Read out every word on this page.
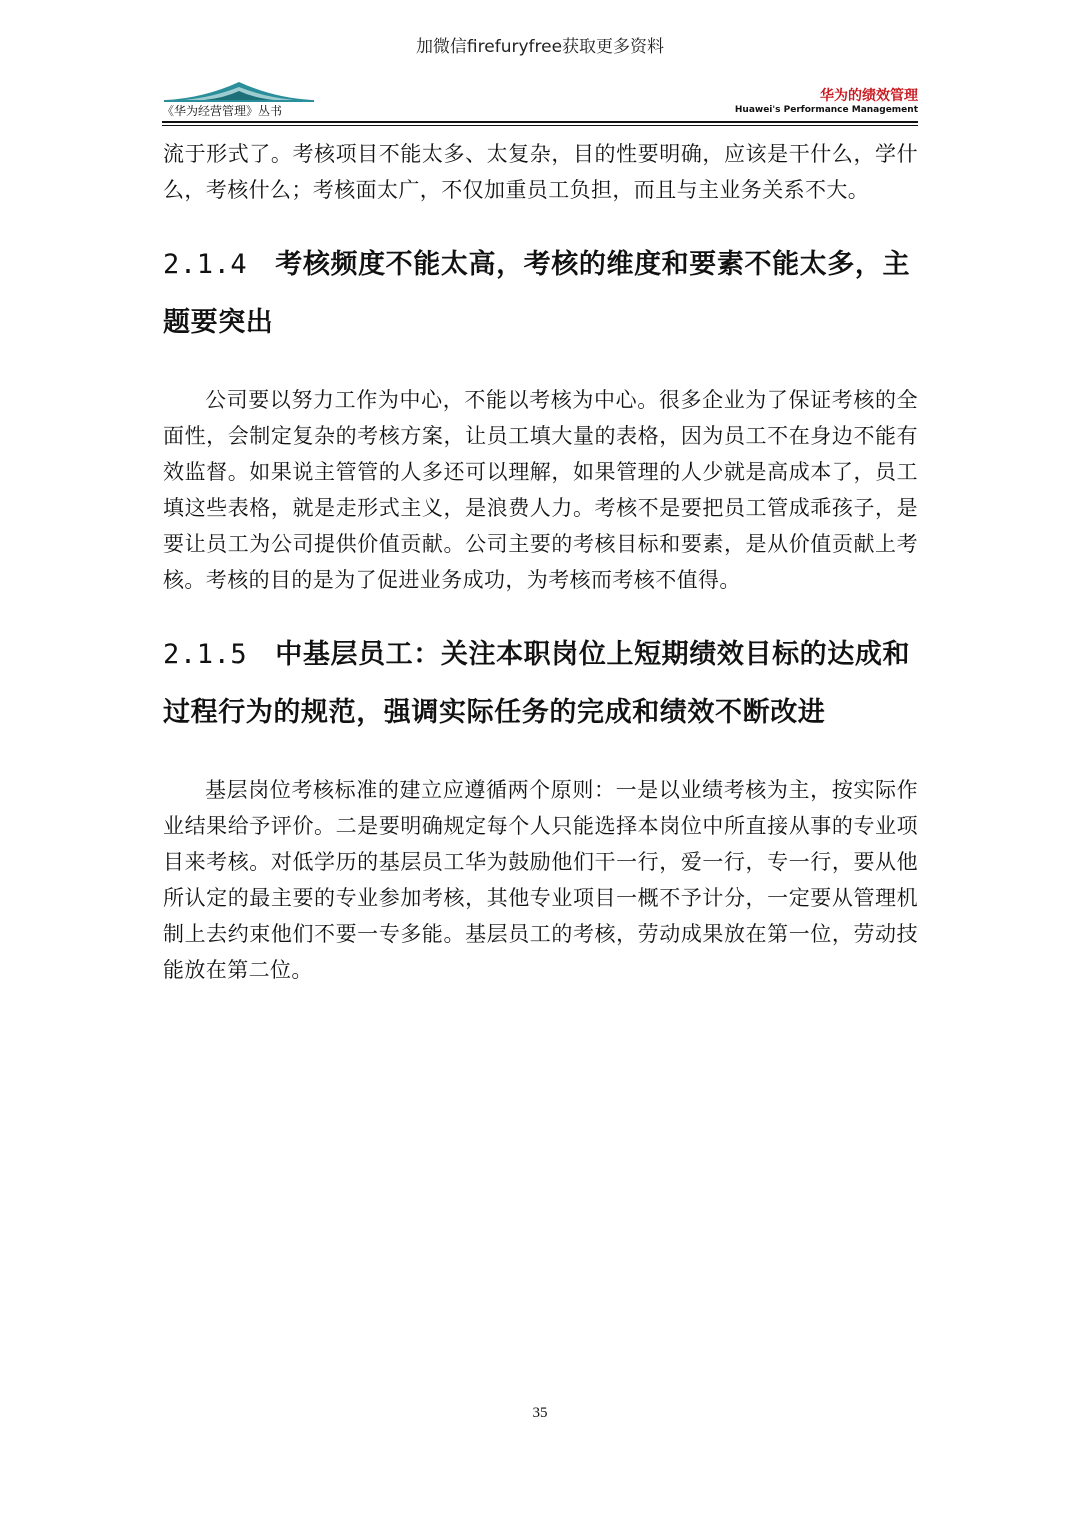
加微信firefuryfree获取更多资料
《华为经营管理》丛书
华为的绩效管理
Huawei's Performance Management

流于形式了。考核项目不能太多、太复杂，目的性要明确，应该是干什么，学什么，考核什么；考核面太广，不仅加重员工负担，而且与主业务关系不大。

2.1.4 考核频度不能太高，考核的维度和要素不能太多，主题要突出

公司要以努力工作为中心，不能以考核为中心。很多企业为了保证考核的全面性，会制定复杂的考核方案，让员工填大量的表格，因为员工不在身边不能有效监督。如果说主管管的人多还可以理解，如果管理的人少就是高成本了，员工填这些表格，就是走形式主义，是浪费人力。考核不是要把员工管成乖孩子，是要让员工为公司提供价值贡献。公司主要的考核目标和要素，是从价值贡献上考核。考核的目的是为了促进业务成功，为考核而考核不值得。

2.1.5 中基层员工：关注本职岗位上短期绩效目标的达成和过程行为的规范，强调实际任务的完成和绩效不断改进

基层岗位考核标准的建立应遵循两个原则：一是以业绩考核为主，按实际作业结果给予评价。二是要明确规定每个人只能选择本岗位中所直接从事的专业项目来考核。对低学历的基层员工华为鼓励他们干一行，爱一行，专一行，要从他所认定的最主要的专业参加考核，其他专业项目一概不予计分，一定要从管理机制上去约束他们不要一专多能。基层员工的考核，劳动成果放在第一位，劳动技能放在第二位。

35
